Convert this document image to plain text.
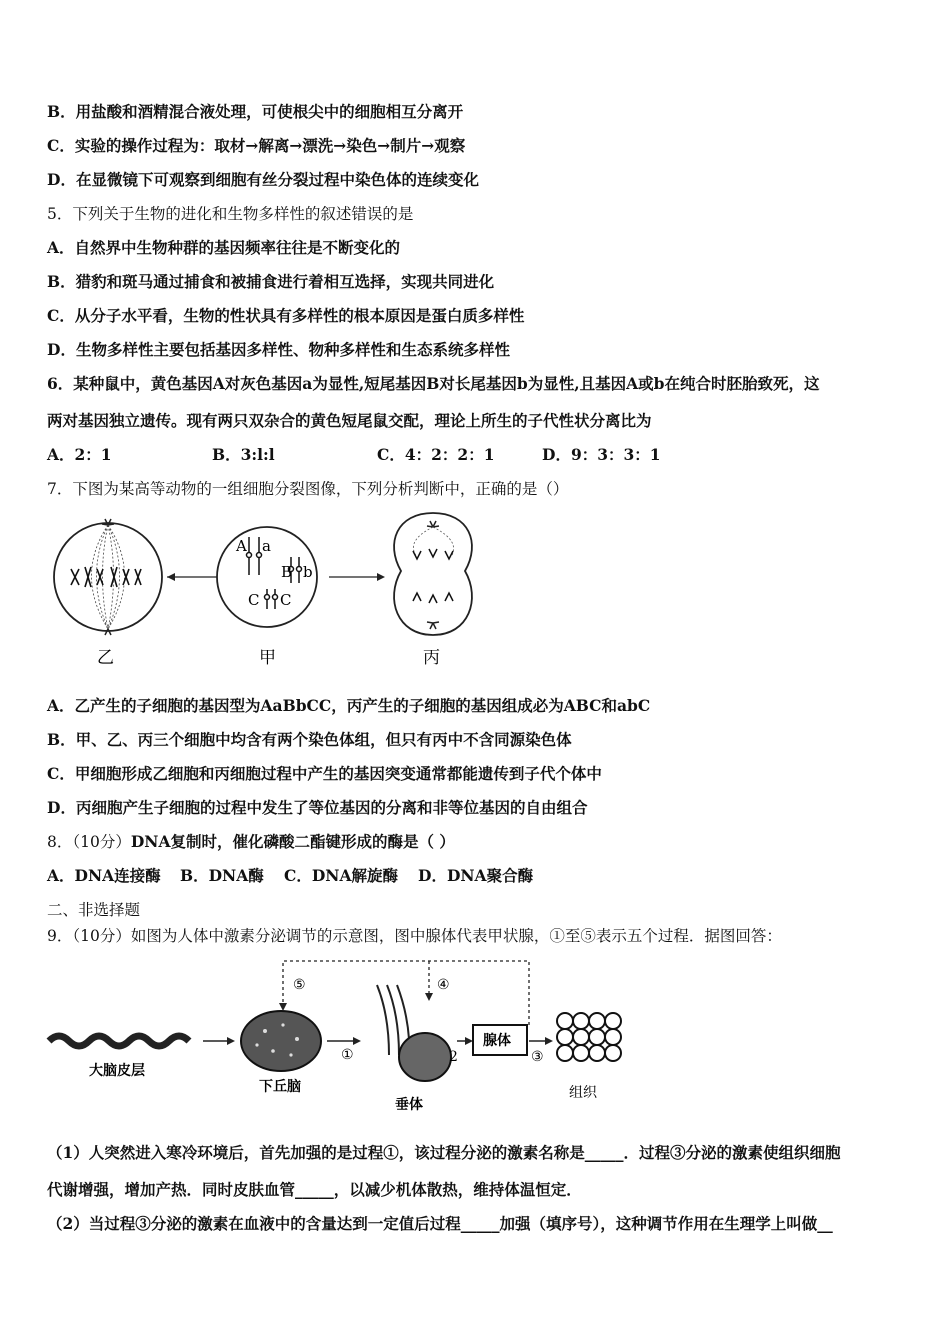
B．用盐酸和酒精混合液处理，可使根尖中的细胞相互分离开
C．实验的操作过程为：取材→解离→漂洗→染色→制片→观察
D．在显微镜下可观察到细胞有丝分裂过程中染色体的连续变化
5．下列关于生物的进化和生物多样性的叙述错误的是
A．自然界中生物种群的基因频率往往是不断变化的
B．猎豹和斑马通过捕食和被捕食进行着相互选择，实现共同进化
C．从分子水平看，生物的性状具有多样性的根本原因是蛋白质多样性
D．生物多样性主要包括基因多样性、物种多样性和生态系统多样性
6．某种鼠中，黄色基因A对灰色基因a为显性,短尾基因B对长尾基因b为显性,且基因A或b在纯合时胚胎致死，这
两对基因独立遗传。现有两只双杂合的黄色短尾鼠交配，理论上所生的子代性状分离比为
A．2：1	B．3:l:l	C．4：2：2：1	D．9：3：3：1
7．下图为某高等动物的一组细胞分裂图像，下列分析判断中，正确的是（）
A a
B b
C C
乙	甲	丙
A．乙产生的子细胞的基因型为AaBbCC，丙产生的子细胞的基因组成必为ABC和abC
B．甲、乙、丙三个细胞中均含有两个染色体组，但只有丙中不含同源染色体
C．甲细胞形成乙细胞和丙细胞过程中产生的基因突变通常都能遗传到子代个体中
D．丙细胞产生子细胞的过程中发生了等位基因的分离和非等位基因的自由组合
8．（10分）DNA复制时，催化磷酸二酯键形成的酶是（ ）
A．DNA连接酶 B．DNA酶 C．DNA解旋酶 D．DNA聚合酶
二、非选择题
9．（10分）如图为人体中激素分泌调节的示意图，图中腺体代表甲状腺，①至⑤表示五个过程．据图回答：
大脑皮层
下丘脑
①
垂体
2
腺体
③
组织
⑤	④
（1）人突然进入寒冷环境后，首先加强的是过程①，该过程分泌的激素名称是_____．过程③分泌的激素使组织细胞
代谢增强，增加产热．同时皮肤血管_____，以减少机体散热，维持体温恒定．
（2）当过程③分泌的激素在血液中的含量达到一定值后过程_____加强（填序号），这种调节作用在生理学上叫做__
